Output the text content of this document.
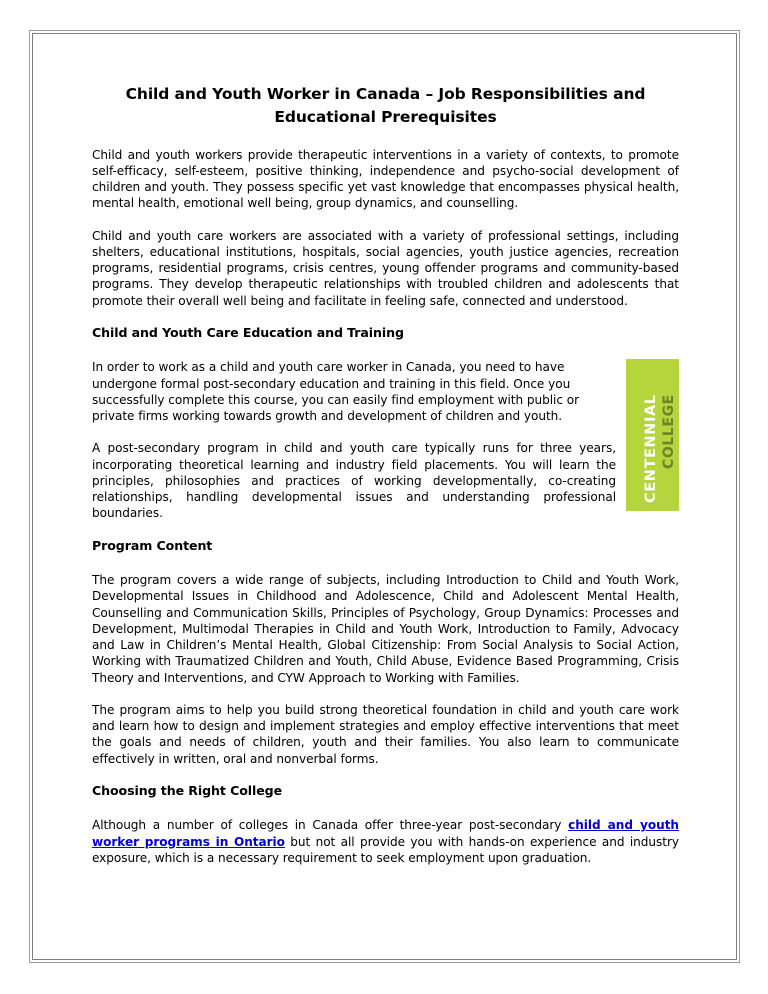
Child and Youth Worker in Canada – Job Responsibilities and Educational Prerequisites

Child and youth workers provide therapeutic interventions in a variety of contexts, to promote self-efficacy, self-esteem, positive thinking, independence and psycho-social development of children and youth. They possess specific yet vast knowledge that encompasses physical health, mental health, emotional well being, group dynamics, and counselling.

Child and youth care workers are associated with a variety of professional settings, including shelters, educational institutions, hospitals, social agencies, youth justice agencies, recreation programs, residential programs, crisis centres, young offender programs and community-based programs. They develop therapeutic relationships with troubled children and adolescents that promote their overall well being and facilitate in feeling safe, connected and understood.

Child and Youth Care Education and Training
CENTENNIAL COLLEGE

In order to work as a child and youth care worker in Canada, you need to have undergone formal post-secondary education and training in this field. Once you successfully complete this course, you can easily find employment with public or private firms working towards growth and development of children and youth.

A post-secondary program in child and youth care typically runs for three years, incorporating theoretical learning and industry field placements. You will learn the principles, philosophies and practices of working developmentally, co-creating relationships, handling developmental issues and understanding professional boundaries.

Program Content

The program covers a wide range of subjects, including Introduction to Child and Youth Work, Developmental Issues in Childhood and Adolescence, Child and Adolescent Mental Health, Counselling and Communication Skills, Principles of Psychology, Group Dynamics: Processes and Development, Multimodal Therapies in Child and Youth Work, Introduction to Family, Advocacy and Law in Children’s Mental Health, Global Citizenship: From Social Analysis to Social Action, Working with Traumatized Children and Youth, Child Abuse, Evidence Based Programming, Crisis Theory and Interventions, and CYW Approach to Working with Families.

The program aims to help you build strong theoretical foundation in child and youth care work and learn how to design and implement strategies and employ effective interventions that meet the goals and needs of children, youth and their families. You also learn to communicate effectively in written, oral and nonverbal forms.

Choosing the Right College

Although a number of colleges in Canada offer three-year post-secondary child and youth worker programs in Ontario but not all provide you with hands-on experience and industry exposure, which is a necessary requirement to seek employment upon graduation.
